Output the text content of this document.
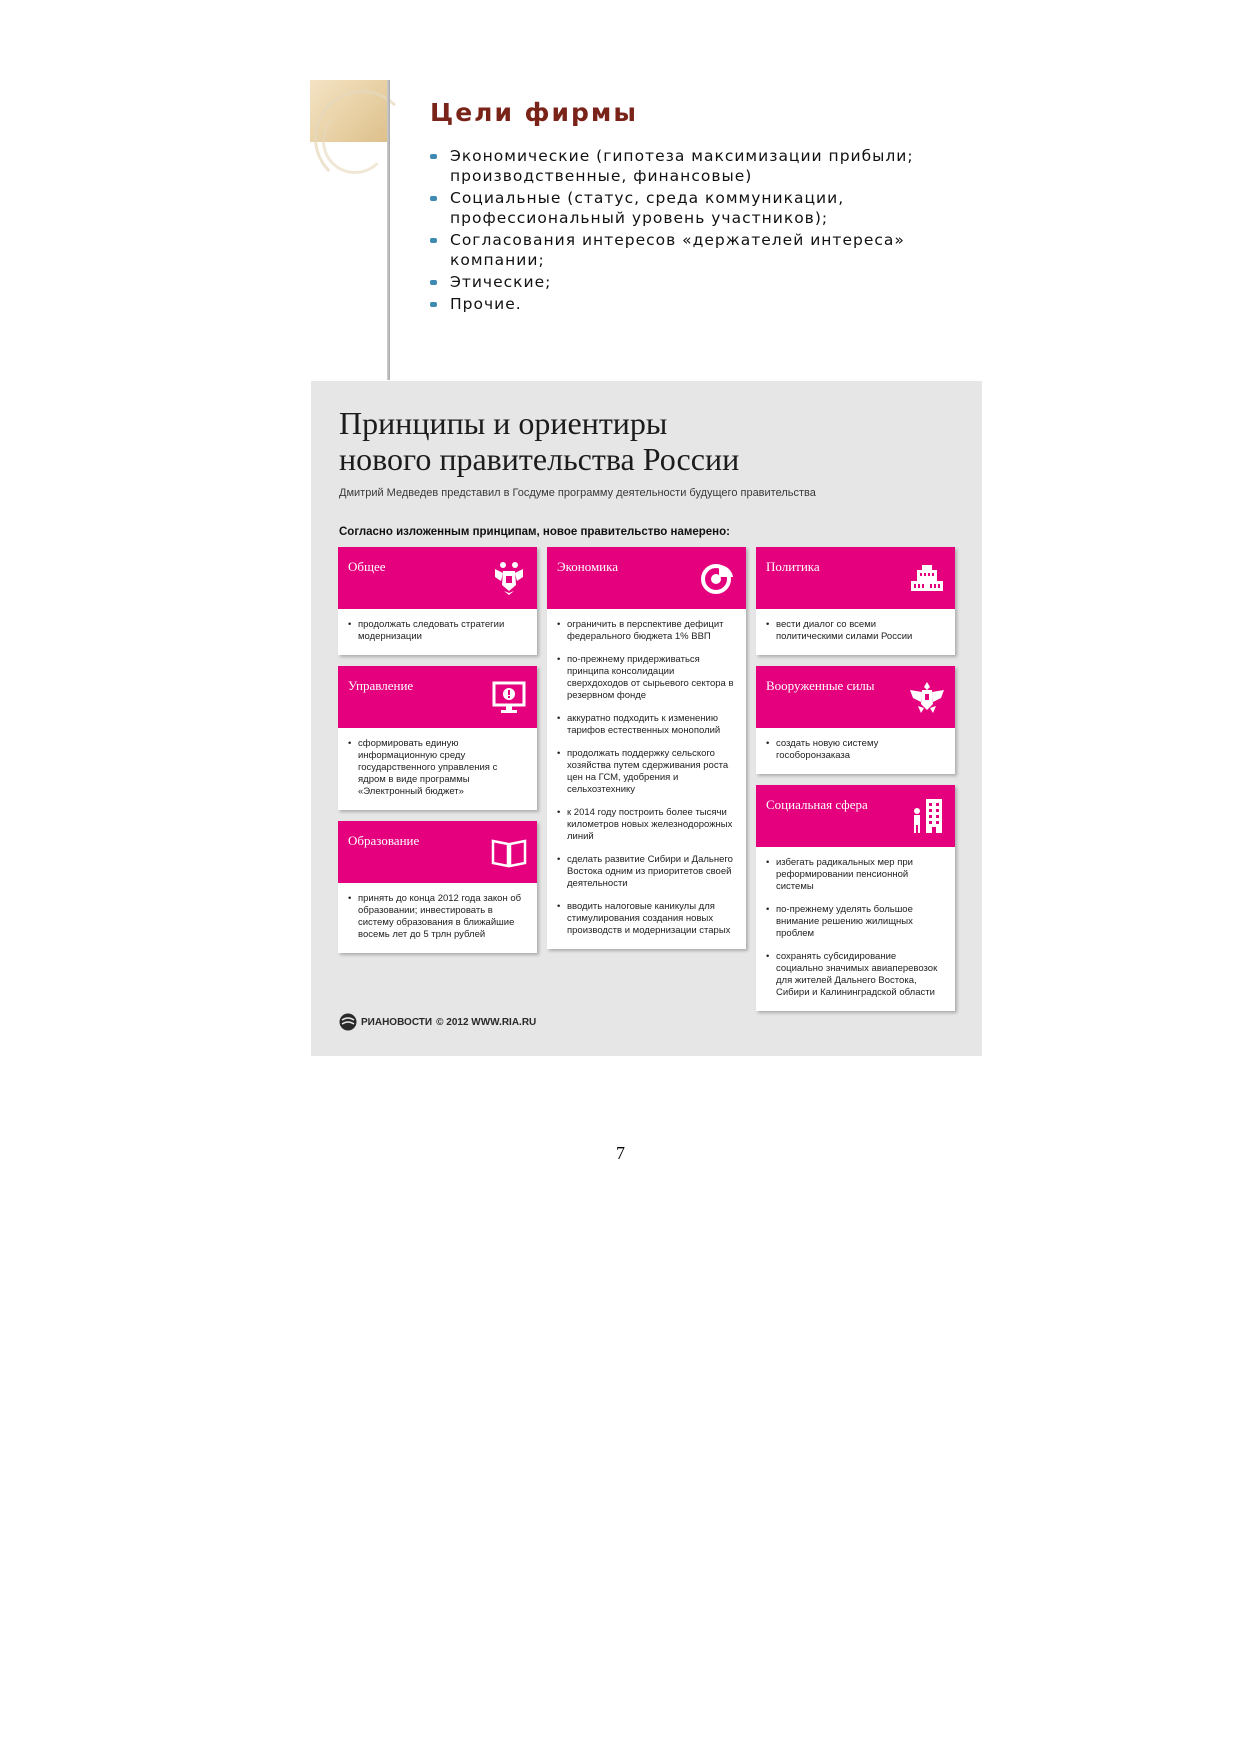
Цели фирмы
Экономические (гипотеза максимизации прибыли; производственные, финансовые)
Социальные (статус, среда коммуникации, профессиональный уровень участников);
Согласования интересов «держателей интереса» компании;
Этические;
Прочие.
Принципы и ориентиры
нового правительства России
Дмитрий Медведев представил в Госдуме программу деятельности будущего правительства
Согласно изложенным принципам, новое правительство намерено:
Общее
• продолжать следовать стратегии модернизации
Управление
• сформировать единую информационную среду государственного управления с ядром в виде программы «Электронный бюджет»
Образование
• принять до конца 2012 года закон об образовании; инвестировать в систему образования в ближайшие восемь лет до 5 трлн рублей
Экономика
• ограничить в перспективе дефицит федерального бюджета 1% ВВП
• по-прежнему придерживаться принципа консолидации сверхдоходов от сырьевого сектора в резервном фонде
• аккуратно подходить к изменению тарифов естественных монополий
• продолжать поддержку сельского хозяйства путем сдерживания роста цен на ГСМ, удобрения и сельхозтехнику
• к 2014 году построить более тысячи километров новых железнодорожных линий
• сделать развитие Сибири и Дальнего Востока одним из приоритетов своей деятельности
• вводить налоговые каникулы для стимулирования создания новых производств и модернизации старых
Политика
• вести диалог со всеми политическими силами России
Вооруженные силы
• создать новую систему гособоронзаказа
Социальная сфера
• избегать радикальных мер при реформировании пенсионной системы
• по-прежнему уделять большое внимание решению жилищных проблем
• сохранять субсидирование социально значимых авиаперевозок для жителей Дальнего Востока, Сибири и Калининградской области
РИАНОВОСТИ © 2012 WWW.RIA.RU
7
